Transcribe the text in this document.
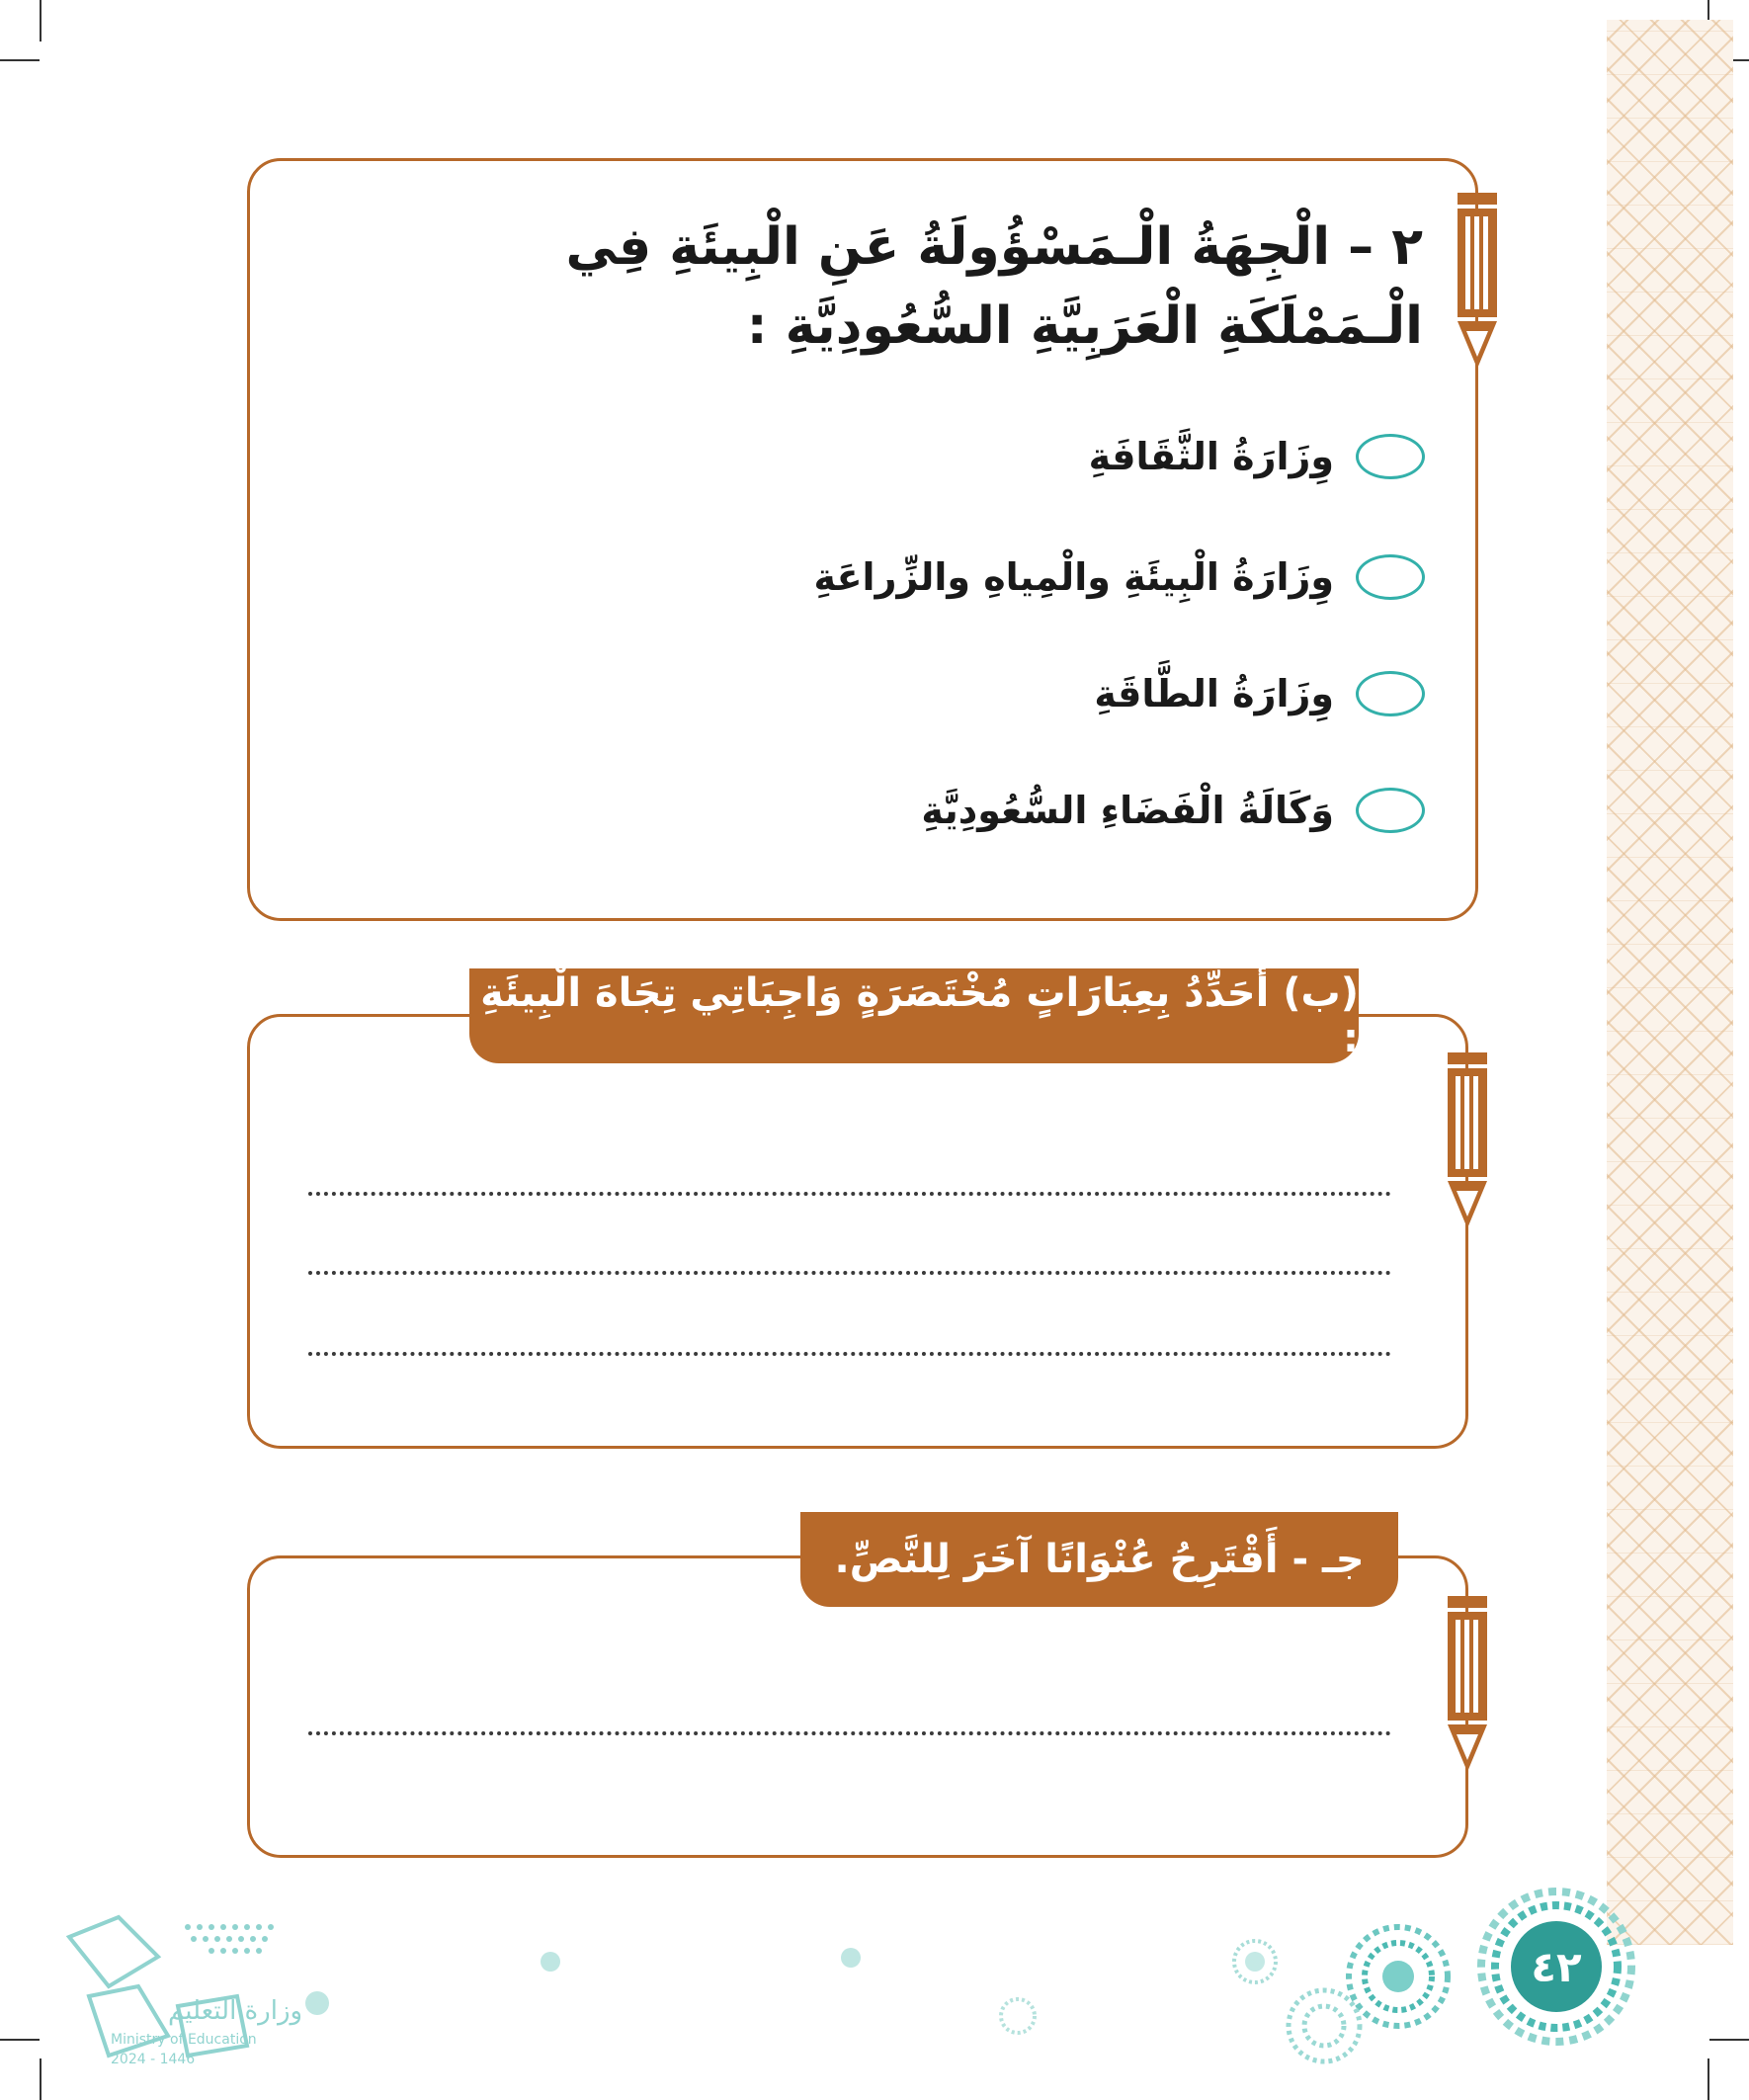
٢ – الْجِهَةُ الْـمَسْؤُولَةُ عَنِ الْبِيئَةِ فِي الْـمَمْلَكَةِ الْعَرَبِيَّةِ السُّعُودِيَّةِ :
وِزَارَةُ الثَّقَافَةِ
وِزَارَةُ الْبِيئَةِ والْمِياهِ والزِّراعَةِ
وِزَارَةُ الطَّاقَةِ
وَكَالَةُ الْفَضَاءِ السُّعُودِيَّةِ
(ب) أُحَدِّدُ بِعِبَارَاتٍ مُخْتَصَرَةٍ وَاجِبَاتِي تِجَاهَ الْبِيئَةِ :
جـ - أَقْتَرِحُ عُنْوَانًا آخَرَ لِلنَّصِّ.
٤٢
وزارة التعليم
Ministry of Education
2024 - 1446
